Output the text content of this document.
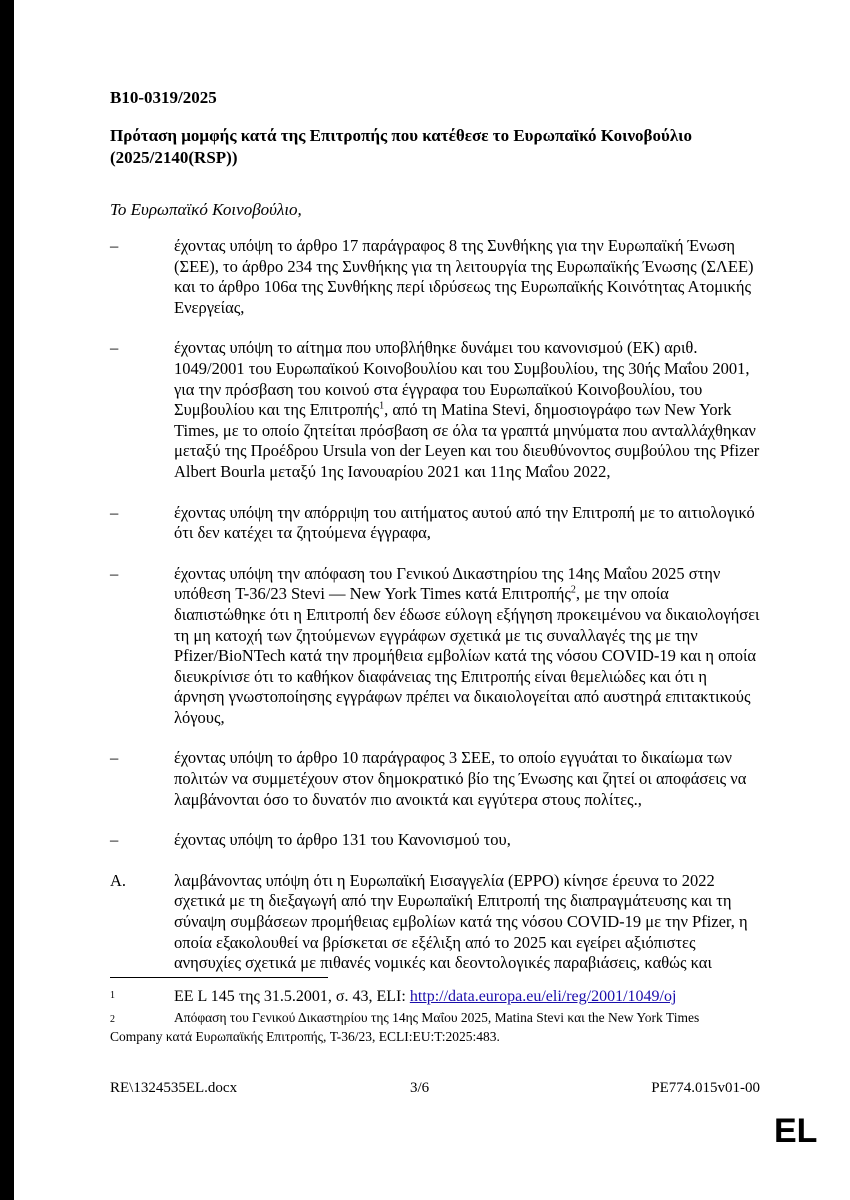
B10-0319/2025
Πρόταση μομφής κατά της Επιτροπής που κατέθεσε το Ευρωπαϊκό Κοινοβούλιο (2025/2140(RSP))
Το Ευρωπαϊκό Κοινοβούλιο,
–	έχοντας υπόψη το άρθρο 17 παράγραφος 8 της Συνθήκης για την Ευρωπαϊκή Ένωση (ΣΕΕ), το άρθρο 234 της Συνθήκης για τη λειτουργία της Ευρωπαϊκής Ένωσης (ΣΛΕΕ) και το άρθρο 106α της Συνθήκης περί ιδρύσεως της Ευρωπαϊκής Κοινότητας Ατομικής Ενεργείας,
–	έχοντας υπόψη το αίτημα που υποβλήθηκε δυνάμει του κανονισμού (ΕΚ) αριθ. 1049/2001 του Ευρωπαϊκού Κοινοβουλίου και του Συμβουλίου, της 30ής Μαΐου 2001, για την πρόσβαση του κοινού στα έγγραφα του Ευρωπαϊκού Κοινοβουλίου, του Συμβουλίου και της Επιτροπής$^1$, από τη Matina Stevi, δημοσιογράφο των New York Times, με το οποίο ζητείται πρόσβαση σε όλα τα γραπτά μηνύματα που ανταλλάχθηκαν μεταξύ της Προέδρου Ursula von der Leyen και του διευθύνοντος συμβούλου της Pfizer Albert Bourla μεταξύ 1ης Ιανουαρίου 2021 και 11ης Μαΐου 2022,
–	έχοντας υπόψη την απόρριψη του αιτήματος αυτού από την Επιτροπή με το αιτιολογικό ότι δεν κατέχει τα ζητούμενα έγγραφα,
–	έχοντας υπόψη την απόφαση του Γενικού Δικαστηρίου της 14ης Μαΐου 2025 στην υπόθεση T-36/23 Stevi — New York Times κατά Επιτροπής$^2$, με την οποία διαπιστώθηκε ότι η Επιτροπή δεν έδωσε εύλογη εξήγηση προκειμένου να δικαιολογήσει τη μη κατοχή των ζητούμενων εγγράφων σχετικά με τις συναλλαγές της με την Pfizer/BioNTech κατά την προμήθεια εμβολίων κατά της νόσου COVID-19 και η οποία διευκρίνισε ότι το καθήκον διαφάνειας της Επιτροπής είναι θεμελιώδες και ότι η άρνηση γνωστοποίησης εγγράφων πρέπει να δικαιολογείται από αυστηρά επιτακτικούς λόγους,
–	έχοντας υπόψη το άρθρο 10 παράγραφος 3 ΣΕΕ, το οποίο εγγυάται το δικαίωμα των πολιτών να συμμετέχουν στον δημοκρατικό βίο της Ένωσης και ζητεί οι αποφάσεις να λαμβάνονται όσο το δυνατόν πιο ανοικτά και εγγύτερα στους πολίτες.,
–	έχοντας υπόψη το άρθρο 131 του Κανονισμού του,
A.	λαμβάνοντας υπόψη ότι η Ευρωπαϊκή Εισαγγελία (EPPO) κίνησε έρευνα το 2022 σχετικά με τη διεξαγωγή από την Ευρωπαϊκή Επιτροπή της διαπραγμάτευσης και τη σύναψη συμβάσεων προμήθειας εμβολίων κατά της νόσου COVID-19 με την Pfizer, η οποία εξακολουθεί να βρίσκεται σε εξέλιξη από το 2025 και εγείρει αξιόπιστες ανησυχίες σχετικά με πιθανές νομικές και δεοντολογικές παραβιάσεις, καθώς και
1	ΕΕ L 145 της 31.5.2001, σ. 43, ELI: http://data.europa.eu/eli/reg/2001/1049/oj
2	Απόφαση του Γενικού Δικαστηρίου της 14ης Μαΐου 2025, Matina Stevi και the New York Times Company κατά Ευρωπαϊκής Επιτροπής, T-36/23, ECLI:EU:T:2025:483.
RE\1324535EL.docx	3/6	PE774.015v01-00
EL
